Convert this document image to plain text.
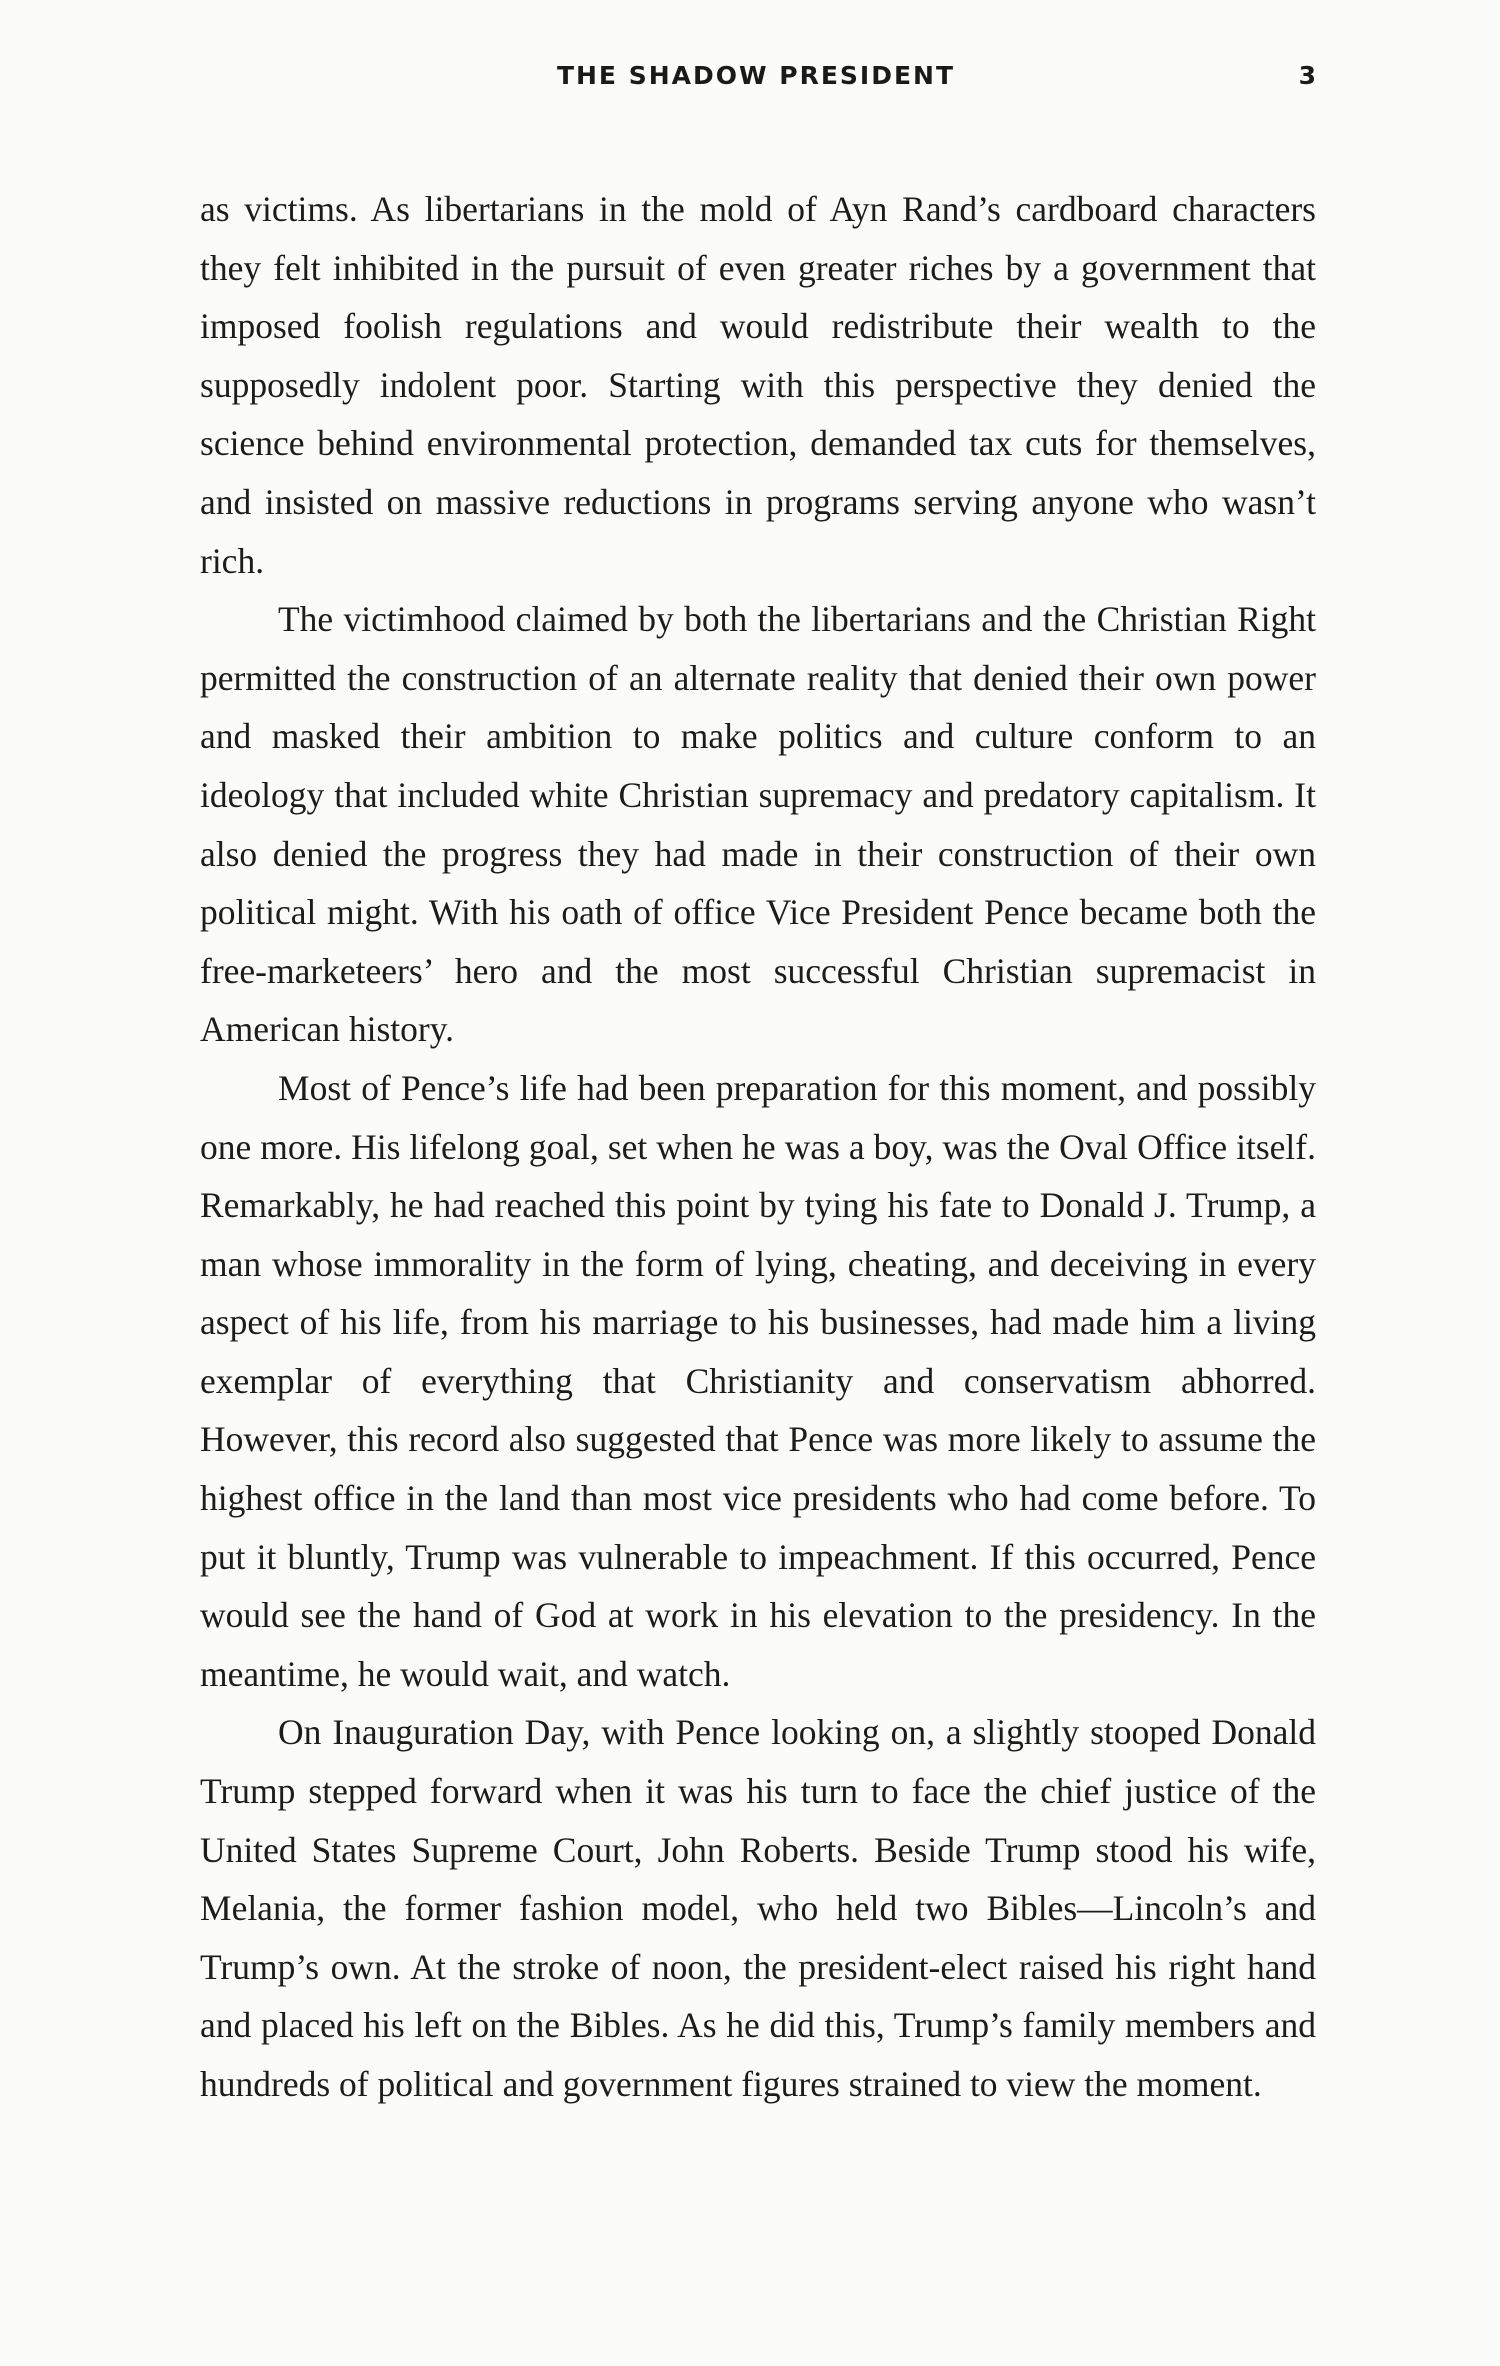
THE SHADOW PRESIDENT	3

as victims. As libertarians in the mold of Ayn Rand’s cardboard characters they felt inhibited in the pursuit of even greater riches by a government that imposed foolish regulations and would redistribute their wealth to the supposedly indolent poor. Starting with this perspective they denied the science behind environmental protection, demanded tax cuts for themselves, and insisted on massive reductions in programs serving anyone who wasn’t rich.

The victimhood claimed by both the libertarians and the Christian Right permitted the construction of an alternate reality that denied their own power and masked their ambition to make politics and culture conform to an ideology that included white Christian supremacy and predatory capitalism. It also denied the progress they had made in their construction of their own political might. With his oath of office Vice President Pence became both the free-marketeers’ hero and the most successful Christian supremacist in American history.

Most of Pence’s life had been preparation for this moment, and possibly one more. His lifelong goal, set when he was a boy, was the Oval Office itself. Remarkably, he had reached this point by tying his fate to Donald J. Trump, a man whose immorality in the form of lying, cheating, and deceiving in every aspect of his life, from his marriage to his businesses, had made him a living exemplar of everything that Christianity and conservatism abhorred. However, this record also suggested that Pence was more likely to assume the highest office in the land than most vice presidents who had come before. To put it bluntly, Trump was vulnerable to impeachment. If this occurred, Pence would see the hand of God at work in his elevation to the presidency. In the meantime, he would wait, and watch.

On Inauguration Day, with Pence looking on, a slightly stooped Donald Trump stepped forward when it was his turn to face the chief justice of the United States Supreme Court, John Roberts. Beside Trump stood his wife, Melania, the former fashion model, who held two Bibles—Lincoln’s and Trump’s own. At the stroke of noon, the president-elect raised his right hand and placed his left on the Bibles. As he did this, Trump’s family members and hundreds of political and government figures strained to view the moment.
